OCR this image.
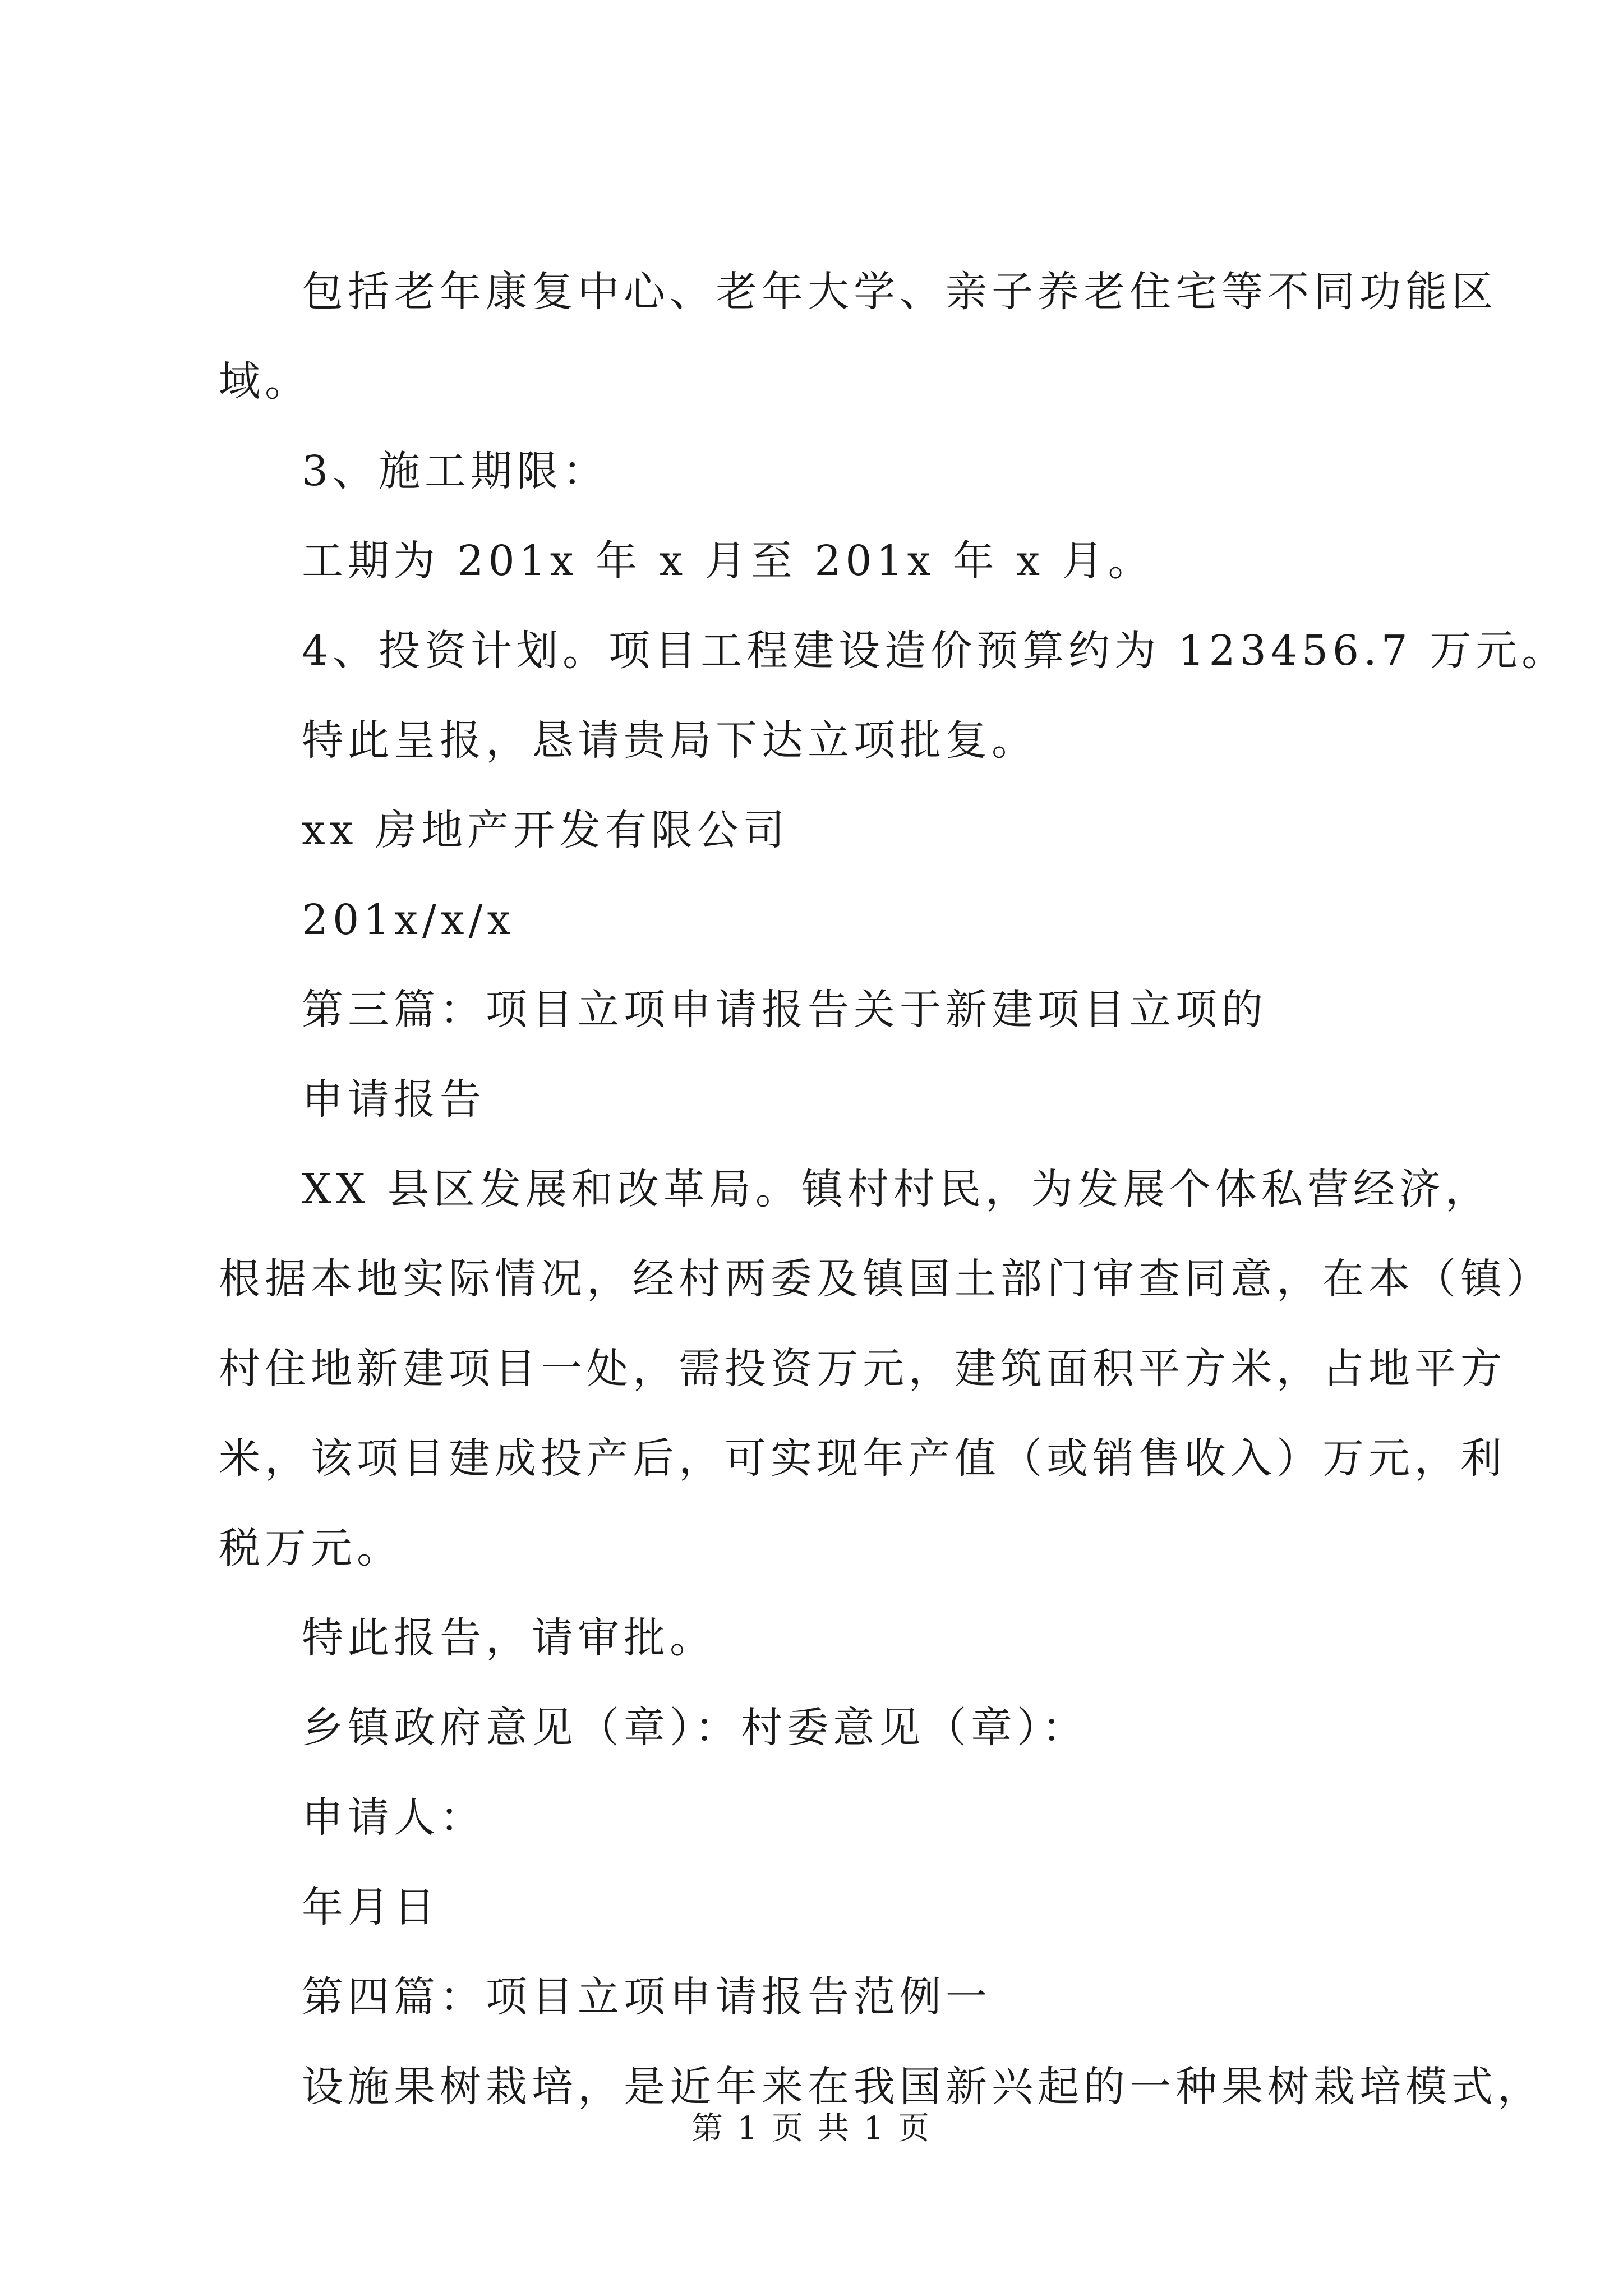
包括老年康复中心、老年大学、亲子养老住宅等不同功能区
域。
3、施工期限：
工期为 201x 年 x 月至 201x 年 x 月。
4、投资计划。项目工程建设造价预算约为 123456.7 万元。
特此呈报，恳请贵局下达立项批复。
xx 房地产开发有限公司
201x/x/x
第三篇：项目立项申请报告关于新建项目立项的
申请报告
XX 县区发展和改革局。镇村村民，为发展个体私营经济，
根据本地实际情况，经村两委及镇国土部门审查同意，在本（镇）
村住地新建项目一处，需投资万元，建筑面积平方米，占地平方
米，该项目建成投产后，可实现年产值（或销售收入）万元，利
税万元。
特此报告，请审批。
乡镇政府意见（章）：村委意见（章）：
申请人：
年月日
第四篇：项目立项申请报告范例一
设施果树栽培，是近年来在我国新兴起的一种果树栽培模式，
第 1 页 共 1 页
